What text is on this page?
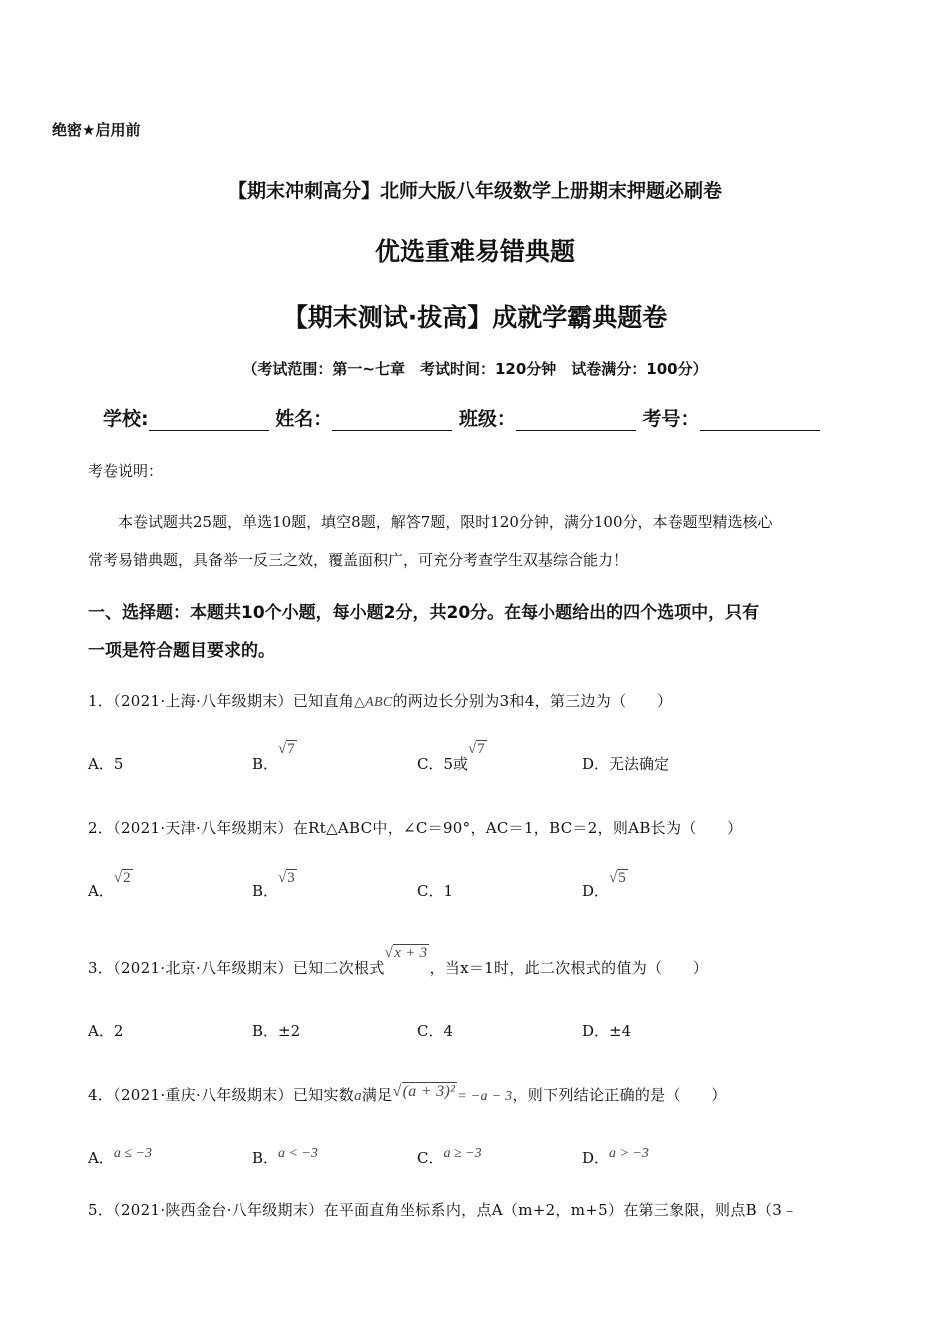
绝密★启用前
【期末冲刺高分】北师大版八年级数学上册期末押题必刷卷
优选重难易错典题
【期末测试·拔高】成就学霸典题卷
（考试范围：第一~七章　考试时间：120分钟　试卷满分：100分）
学校:	姓名：	班级：	考号：
考卷说明：
本卷试题共25题，单选10题，填空8题，解答7题，限时120分钟，满分100分，本卷题型精选核心
常考易错典题，具备举一反三之效，覆盖面积广，可充分考查学生双基综合能力！
一、选择题：本题共10个小题，每小题2分，共20分。在每小题给出的四个选项中，只有
一项是符合题目要求的。
1．（2021·上海·八年级期末）已知直角△ABC的两边长分别为3和4，第三边为（　　）
A．5	B．√7
C．5或√7
D．无法确定
2．（2021·天津·八年级期末）在Rt△ABC中，∠C＝90°，AC＝1，BC＝2，则AB长为（　　）
A．√2
B．√3
C．1	D．√5
3．（2021·北京·八年级期末）已知二次根式√x + 3，当x＝1时，此二次根式的值为（　　）
A．2	B．±2	C．4	D．±4
4．（2021·重庆·八年级期末）已知实数a满足√(a + 3)² = −a − 3，则下列结论正确的是（　　）
A．a ≤ −3	B．a < −3	C．a ≥ −3	D．a > −3
5．（2021·陕西金台·八年级期末）在平面直角坐标系内，点A（m+2，m+5）在第三象限，则点B（3﹣
